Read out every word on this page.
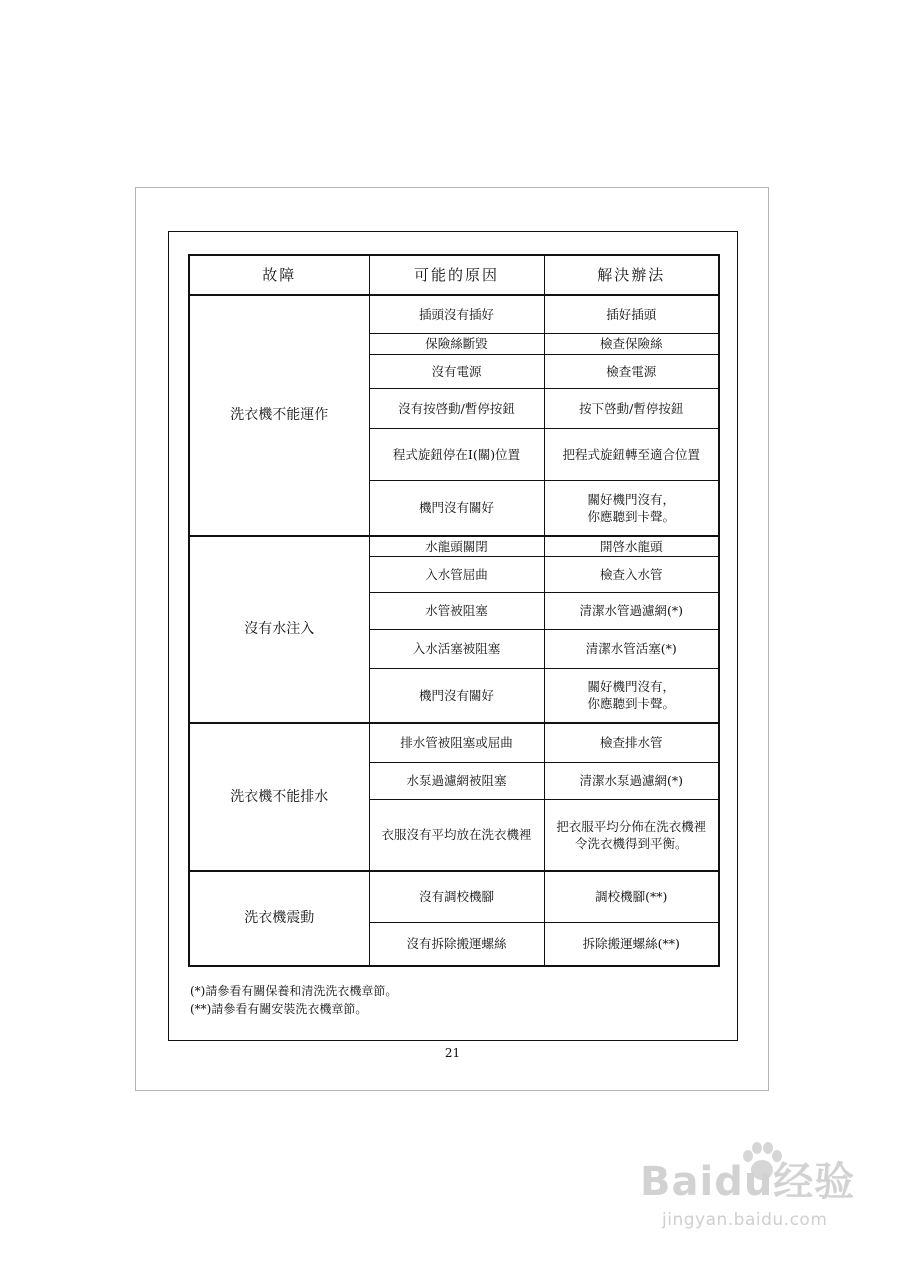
故障	可能的原因	解決辦法
洗衣機不能運作	插頭沒有插好	插好插頭
	保險絲斷毀	檢查保險絲
	沒有電源	檢查電源
	沒有按啓動/暫停按鈕	按下啓動/暫停按鈕
	程式旋鈕停在I(關)位置	把程式旋鈕轉至適合位置
	機門沒有關好	關好機門沒有，
你應聽到卡聲。

沒有水注入	水龍頭關閉	開啓水龍頭
	入水管屈曲	檢查入水管
	水管被阻塞	清潔水管過濾網(*)
	入水活塞被阻塞	清潔水管活塞(*)
	機門沒有關好	關好機門沒有，
你應聽到卡聲。

洗衣機不能排水	排水管被阻塞或屈曲	檢查排水管
	水泵過濾網被阻塞	清潔水泵過濾網(*)
	衣服沒有平均放在洗衣機裡	把衣服平均分佈在洗衣機裡
令洗衣機得到平衡。

洗衣機震動	沒有調校機腳	調校機腳(**)
	沒有拆除搬運螺絲	拆除搬運螺絲(**)
(*)請參看有關保養和清洗洗衣機章節。
(**)請參看有關安裝洗衣機章節。
21
Baidu经验
jingyan.baidu.com
